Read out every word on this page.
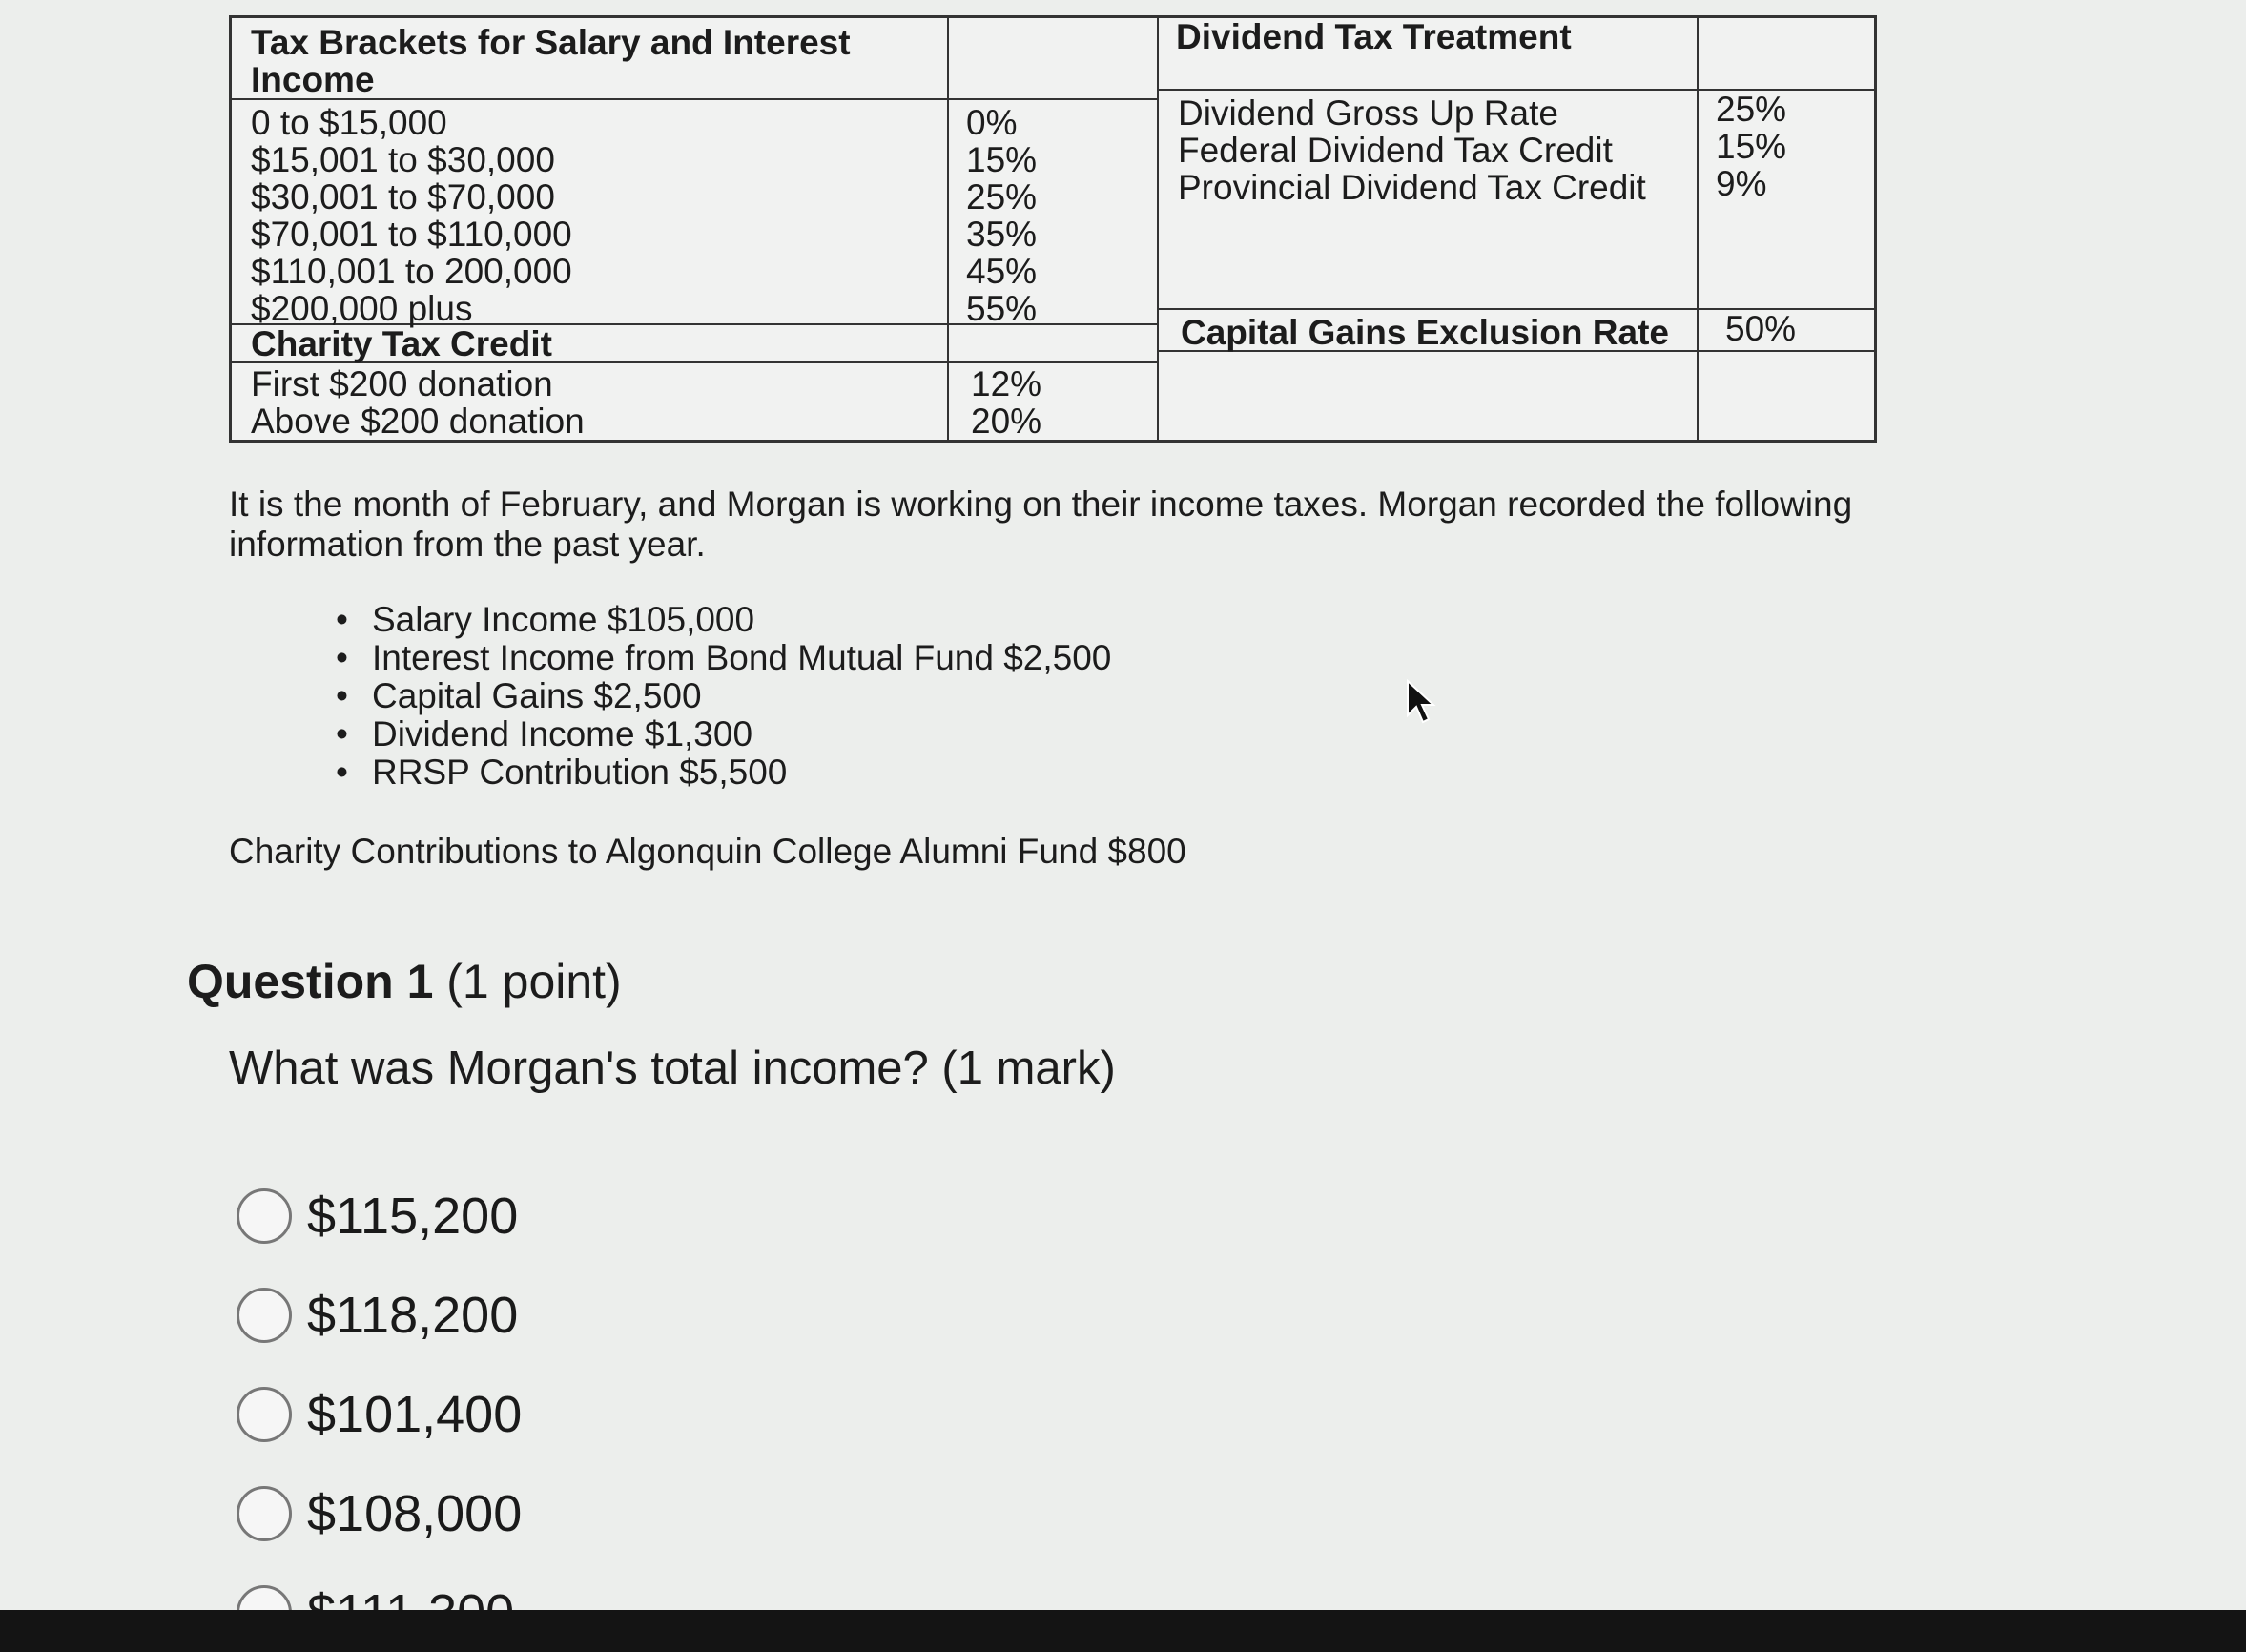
Tax Brackets for Salary and Interest Income
0 to $15,000
$15,001 to $30,000
$30,001 to $70,000
$70,001 to $110,000
$110,001 to 200,000
$200,000 plus
0%
15%
25%
35%
45%
55%
Charity Tax Credit
First $200 donation
Above $200 donation
12%
20%
Dividend Tax Treatment
Dividend Gross Up Rate
Federal Dividend Tax Credit
Provincial Dividend Tax Credit
25%
15%
9%
Capital Gains Exclusion Rate 50%
It is the month of February, and Morgan is working on their income taxes. Morgan recorded the following information from the past year.
• Salary Income $105,000
• Interest Income from Bond Mutual Fund $2,500
• Capital Gains $2,500
• Dividend Income $1,300
• RRSP Contribution $5,500
Charity Contributions to Algonquin College Alumni Fund $800
Question 1 (1 point)
What was Morgan's total income? (1 mark)
$115,200
$118,200
$101,400
$108,000
